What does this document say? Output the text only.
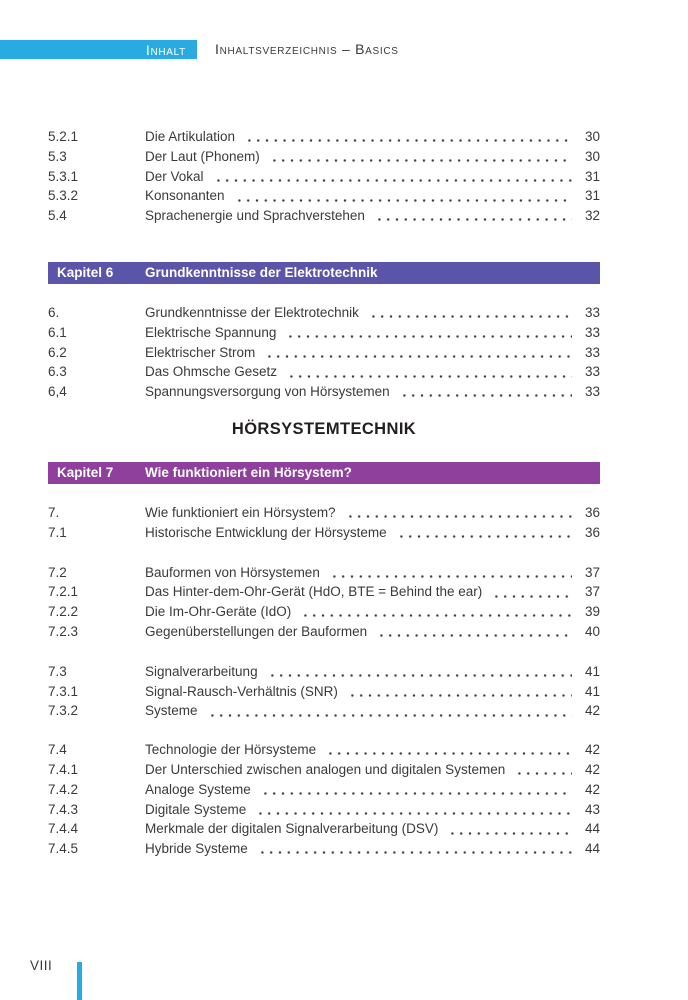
Inhalt Inhaltsverzeichnis – Basics
5.2.1	Die Artikulation	30
5.3	Der Laut (Phonem)	30
5.3.1	Der Vokal	31
5.3.2	Konsonanten	31
5.4	Sprachenergie und Sprachverstehen	32
Kapitel 6	Grundkenntnisse der Elektrotechnik
6.	Grundkenntnisse der Elektrotechnik	33
6.1	Elektrische Spannung	33
6.2	Elektrischer Strom	33
6.3	Das Ohmsche Gesetz	33
6,4	Spannungsversorgung von Hörsystemen	33
HÖRSYSTEMTECHNIK
Kapitel 7	Wie funktioniert ein Hörsystem?
7.	Wie funktioniert ein Hörsystem?	36
7.1	Historische Entwicklung der Hörsysteme	36
7.2	Bauformen von Hörsystemen	37
7.2.1	Das Hinter-dem-Ohr-Gerät (HdO, BTE = Behind the ear)	37
7.2.2	Die Im-Ohr-Geräte (IdO)	39
7.2.3	Gegenüberstellungen der Bauformen	40
7.3	Signalverarbeitung	41
7.3.1	Signal-Rausch-Verhältnis (SNR)	41
7.3.2	Systeme	42
7.4	Technologie der Hörsysteme	42
7.4.1	Der Unterschied zwischen analogen und digitalen Systemen	42
7.4.2	Analoge Systeme	42
7.4.3	Digitale Systeme	43
7.4.4	Merkmale der digitalen Signalverarbeitung (DSV)	44
7.4.5	Hybride Systeme	44
VIII
